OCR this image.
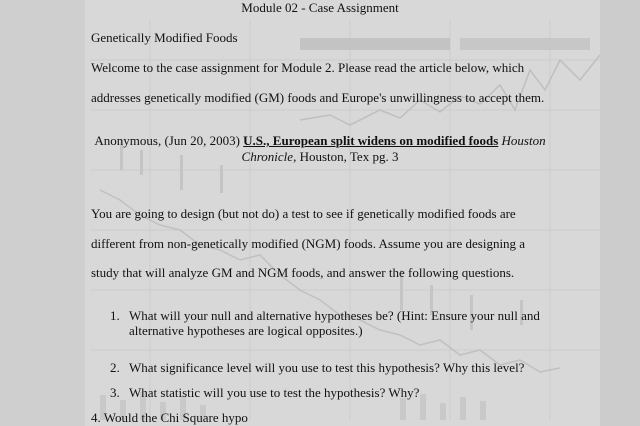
Module 02 - Case Assignment
Genetically Modified Foods
Welcome to the case assignment for Module 2. Please read the article below, which
addresses genetically modified (GM) foods and Europe's unwillingness to accept them.
Anonymous, (Jun 20, 2003) U.S., European split widens on modified foods Houston
Chronicle, Houston, Tex pg. 3
You are going to design (but not do) a test to see if genetically modified foods are
different from non-genetically modified (NGM) foods. Assume you are designing a
study that will analyze GM and NGM foods, and answer the following questions.
1. What will your null and alternative hypotheses be? (Hint: Ensure your null and alternative hypotheses are logical opposites.)
2. What significance level will you use to test this hypothesis? Why this level?
3. What statistic will you use to test the hypothesis? Why?
4. Would the Chi Square hypo
